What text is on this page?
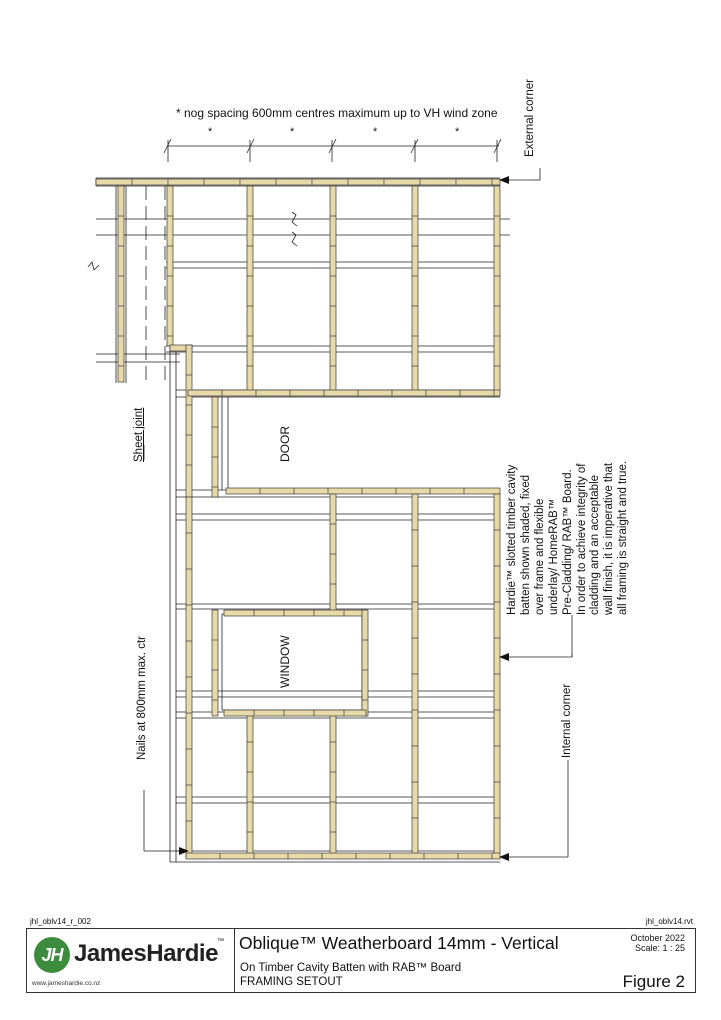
* nog spacing 600mm centres maximum up to VH wind zone
*	*	*	*	External corner
Internal corner
Sheet joint
Nails at 800mm max. ctr
DOOR
WINDOW
Hardie™ slotted timber cavity batten shown shaded, fixed over frame and flexible underlay/ HomeRAB™ Pre-Cladding/ RAB™ Board. In order to achieve integrity of cladding and an acceptable wall finish, it is imperative that all framing is straight and true.
jhl_oblv14_r_002	jhl_oblv14.rvt
JH JamesHardie ™
www.jameshardie.co.nz
Oblique™ Weatherboard 14mm - Vertical
On Timber Cavity Batten with RAB™ Board
FRAMING SETOUT
October 2022
Scale: 1 : 25
Figure 2
